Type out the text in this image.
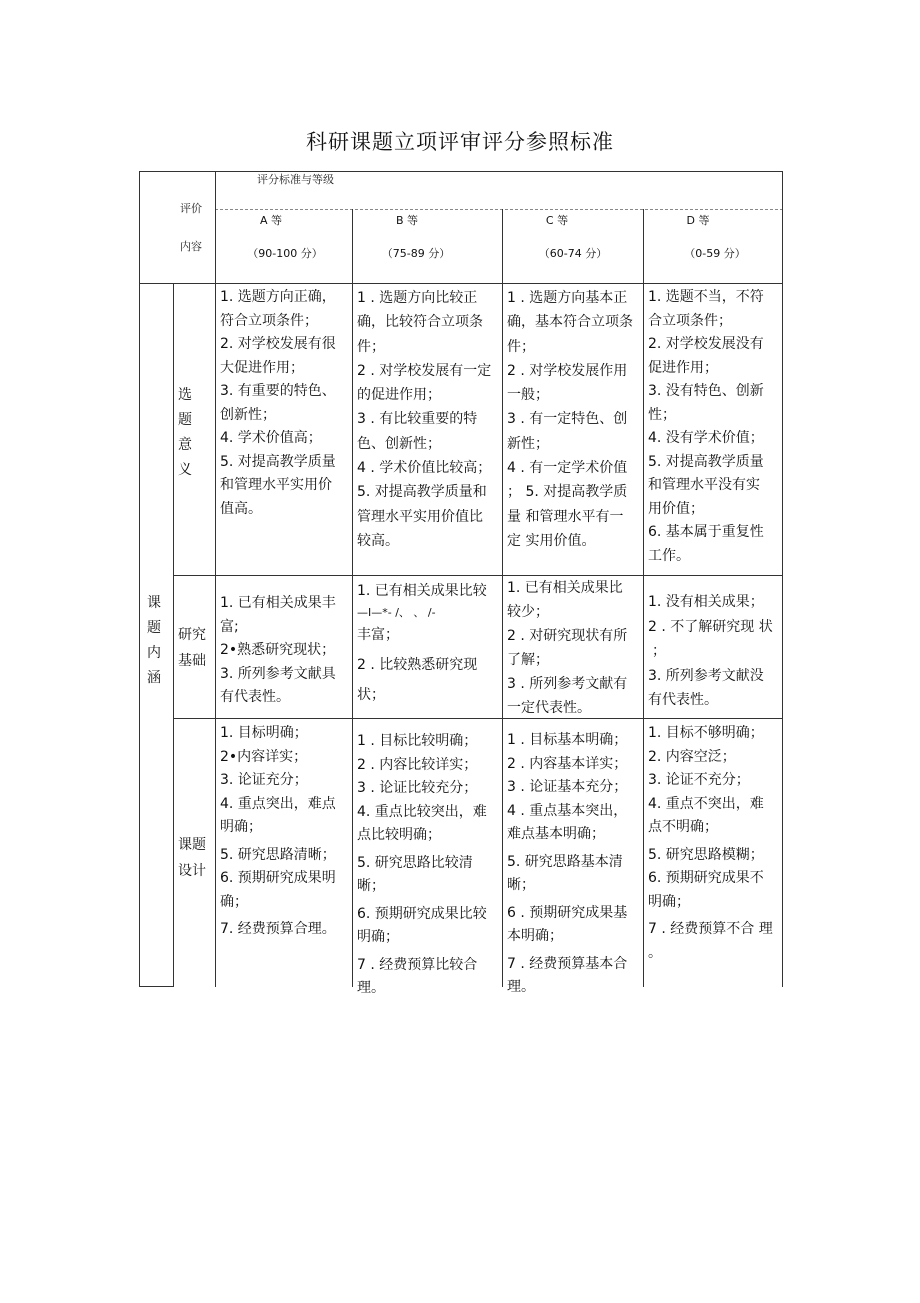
科研课题立项评审评分参照标准
评分标准与等级
评价
内容
A 等
（90-100 分）
B 等
（75-89 分）
C 等
（60-74 分）
D 等
（0-59 分）
课
题
内
涵
选
题
意
义
研究
基础
课题
设计
1. 选题方向正确，
符合立项条件；
2. 对学校发展有很
大促进作用；
3. 有重要的特色、
创新性；
4. 学术价值高；
5. 对提高教学质量
和管理水平实用价
值高。
1 . 选题方向比较正
确，比较符合立项条
件；
2 . 对学校发展有一定
的促进作用；
3 . 有比较重要的特
色、创新性；
4 . 学术价值比较高；
5. 对提高教学质量和
管理水平实用价值比
较高。
1 . 选题方向基本正
确，基本符合立项条
件；
2 . 对学校发展作用
一般；
3 . 有一定特色、创
新性；
4 . 有一定学术价值
； 5. 对提高教学质
量 和管理水平有一
定 实用价值。
1. 选题不当，不符
合立项条件；
2. 对学校发展没有
促进作用；
3. 没有特色、创新
性；
4. 没有学术价值；
5. 对提高教学质量
和管理水平没有实
用价值；
6. 基本属于重复性
工作。
1. 已有相关成果丰
富;
2•熟悉研究现状；
3. 所列参考文献具
有代表性。
1. 已有相关成果比较
—I—*- /、 、 /-
丰富；
2 . 比较熟悉研究现
状；
1. 已有相关成果比
较少；
2 . 对研究现状有所
了解；
3 . 所列参考文献有
一定代表性。
1. 没有相关成果；
2 . 不了解研究现 状
；
3. 所列参考文献没
有代表性。
1. 目标明确；
2•内容详实；
3. 论证充分；
4. 重点突出，难点
明确；
5. 研究思路清晰；
6. 预期研究成果明
确；
7. 经费预算合理。
1 . 目标比较明确；
2 . 内容比较详实；
3 . 论证比较充分；
4. 重点比较突出，难
点比较明确；
5. 研究思路比较清
晰；
6. 预期研究成果比较
明确；
7 . 经费预算比较合
理。
1 . 目标基本明确；
2 . 内容基本详实；
3 . 论证基本充分；
4 . 重点基本突出，
难点基本明确；
5. 研究思路基本清
晰；
6 . 预期研究成果基
本明确；
7 . 经费预算基本合
理。
1. 目标不够明确；
2. 内容空泛；
3. 论证不充分；
4. 重点不突出，难
点不明确；
5. 研究思路模糊；
6. 预期研究成果不
明确；
7 . 经费预算不合 理
。
